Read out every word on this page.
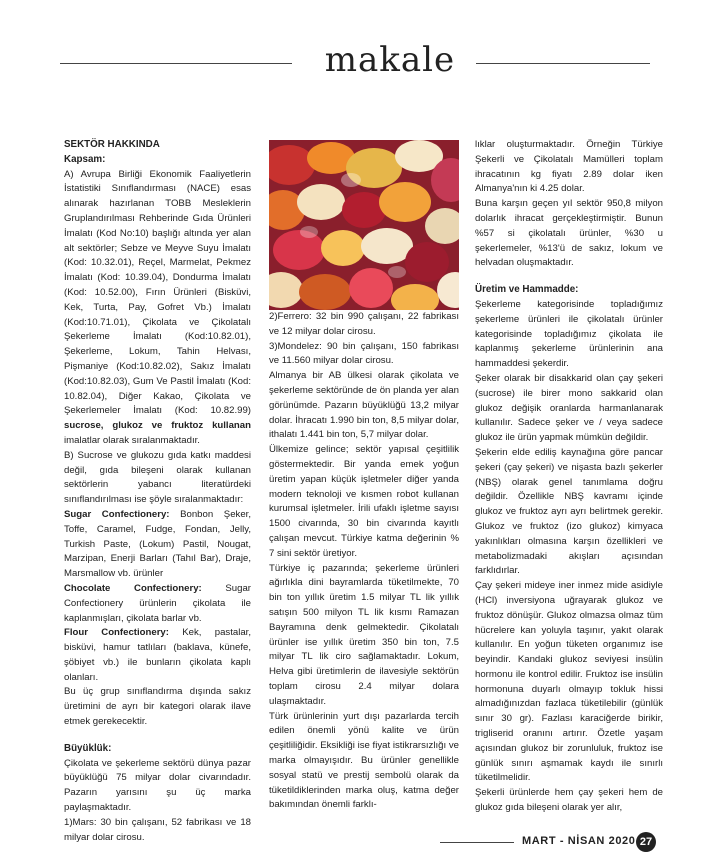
makale

SEKTÖR HAKKINDA

Kapsam:

A) Avrupa Birliği Ekonomik Faaliyetlerin İstatistiki Sınıflandırması (NACE) esas alınarak hazırlanan TOBB Mesleklerin Gruplandırılması Rehberinde Gıda Ürünleri İmalatı (Kod No:10) başlığı altında yer alan alt sektörler; Sebze ve Meyve Suyu İmalatı (Kod: 10.32.01), Reçel, Marmelat, Pekmez İmalatı (Kod: 10.39.04), Dondurma İmalatı (Kod: 10.52.00), Fırın Ürünleri (Bisküvi, Kek, Turta, Pay, Gofret Vb.) İmalatı (Kod:10.71.01), Çikolata ve Çikolatalı Şekerleme İmalatı (Kod:10.82.01), Şekerleme, Lokum, Tahin Helvası, Pişmaniye (Kod:10.82.02), Sakız İmalatı (Kod:10.82.03), Gum Ve Pastil İmalatı (Kod: 10.82.04), Diğer Kakao, Çikolata ve Şekerlemeler İmalatı (Kod: 10.82.99) sucrose, glukoz ve fruktoz kullanan imalatlar olarak sıralanmaktadır.

B) Sucrose ve glukozu gıda katkı maddesi değil, gıda bileşeni olarak kullanan sektörlerin yabancı literatürdeki sınıflandırılması ise şöyle sıralanmaktadır:

Sugar Confectionery: Bonbon Şeker, Toffe, Caramel, Fudge, Fondan, Jelly, Turkish Paste, (Lokum) Pastil, Nougat, Marzipan, Enerji Barları (Tahıl Bar), Draje, Marsmallow vb. ürünler

Chocolate Confectionery: Sugar Confectionery ürünlerin çikolata ile kaplanmışları, çikolata barlar vb.

Flour Confectionery: Kek, pastalar, bisküvi, hamur tatlıları (baklava, künefe, şöbiyet vb.) ile bunların çikolata kaplı olanları.

Bu üç grup sınıflandırma dışında sakız üretimini de ayrı bir kategori olarak ilave etmek gerekecektir.

Büyüklük:

Çikolata ve şekerleme sektörü dünya pazar büyüklüğü 75 milyar dolar civarındadır. Pazarın yarısını şu üç marka paylaşmaktadır.

1)Mars: 30 bin çalışanı, 52 fabrikası ve 18 milyar dolar cirosu.

2)Ferrero: 32 bin 990 çalışanı, 22 fabrikası ve 12 milyar dolar cirosu.

3)Mondelez: 90 bin çalışanı, 150 fabrikası ve 11.560 milyar dolar cirosu.

Almanya bir AB ülkesi olarak çikolata ve şekerleme sektöründe de ön planda yer alan görünümde. Pazarın büyüklüğü 13,2 milyar dolar. İhracatı 1.990 bin ton, 8,5 milyar dolar, ithalatı 1.441 bin ton, 5,7 milyar dolar.

Ülkemize gelince; sektör yapısal çeşitlilik göstermektedir. Bir yanda emek yoğun üretim yapan küçük işletmeler diğer yanda modern teknoloji ve kısmen robot kullanan kurumsal işletmeler. İrili ufaklı işletme sayısı 1500 civarında, 30 bin civarında kayıtlı çalışan mevcut. Türkiye katma değerinin % 7 sini sektör üretiyor.

Türkiye iç pazarında; şekerleme ürünleri ağırlıkla dini bayramlarda tüketilmekte, 70 bin ton yıllık üretim 1.5 milyar TL lik yıllık satışın 500 milyon TL lik kısmı Ramazan Bayramına denk gelmektedir. Çikolatalı ürünler ise yıllık üretim 350 bin ton, 7.5 milyar TL lik ciro sağlamaktadır. Lokum, Helva gibi üretimlerin de ilavesiyle sektörün toplam cirosu 2.4 milyar dolara ulaşmaktadır.

Türk ürünlerinin yurt dışı pazarlarda tercih edilen önemli yönü kalite ve ürün çeşitliliğidir. Eksikliği ise fiyat istikrarsızlığı ve marka olmayışıdır. Bu ürünler genellikle sosyal statü ve prestij sembolü olarak da tüketildiklerinden marka oluş, katma değer bakımından önemli farklı-

lıklar oluşturmaktadır. Örneğin Türkiye Şekerli ve Çikolatalı Mamülleri toplam ihracatının kg fiyatı 2.89 dolar iken Almanya'nın ki 4.25 dolar.

Buna karşın geçen yıl sektör 950,8 milyon dolarlık ihracat gerçekleştirmiştir. Bunun %57 si çikolatalı ürünler, %30 u şekerlemeler, %13'ü de sakız, lokum ve helvadan oluşmaktadır.

Üretim ve Hammadde:

Şekerleme kategorisinde topladığımız şekerleme ürünleri ile çikolatalı ürünler kategorisinde topladığımız çikolata ile kaplanmış şekerleme ürünlerinin ana hammaddesi şekerdir.

Şeker olarak bir disakkarid olan çay şekeri (sucrose) ile birer mono sakkarid olan glukoz değişik oranlarda harmanlanarak kullanılır. Sadece şeker ve / veya sadece glukoz ile ürün yapmak mümkün değildir.

Şekerin elde ediliş kaynağına göre pancar şekeri (çay şekeri) ve nişasta bazlı şekerler (NBŞ) olarak genel tanımlama doğru değildir. Özellikle NBŞ kavramı içinde glukoz ve fruktoz ayrı ayrı belirtmek gerekir. Glukoz ve fruktoz (izo glukoz) kimyaca yakınlıkları olmasına karşın özellikleri ve metabolizmadaki akışları açısından farklıdırlar.

Çay şekeri mideye iner inmez mide asidiyle (HCl) inversiyona uğrayarak glukoz ve fruktoz dönüşür. Glukoz olmazsa olmaz tüm hücrelere kan yoluyla taşınır, yakıt olarak kullanılır. En yoğun tüketen organımız ise beyindir. Kandaki glukoz seviyesi insülin hormonu ile kontrol edilir. Fruktoz ise insülin hormonuna duyarlı olmayıp tokluk hissi almadığınızdan fazlaca tüketilebilir (günlük sınır 30 gr). Fazlası karaciğerde birikir, trigliserid oranını artırır. Özetle yaşam açısından glukoz bir zorunluluk, fruktoz ise günlük sınırı aşmamak kaydı ile sınırlı tüketilmelidir.

Şekerli ürünlerde hem çay şekeri hem de glukoz gıda bileşeni olarak yer alır,

MART - NİSAN 2020 27
